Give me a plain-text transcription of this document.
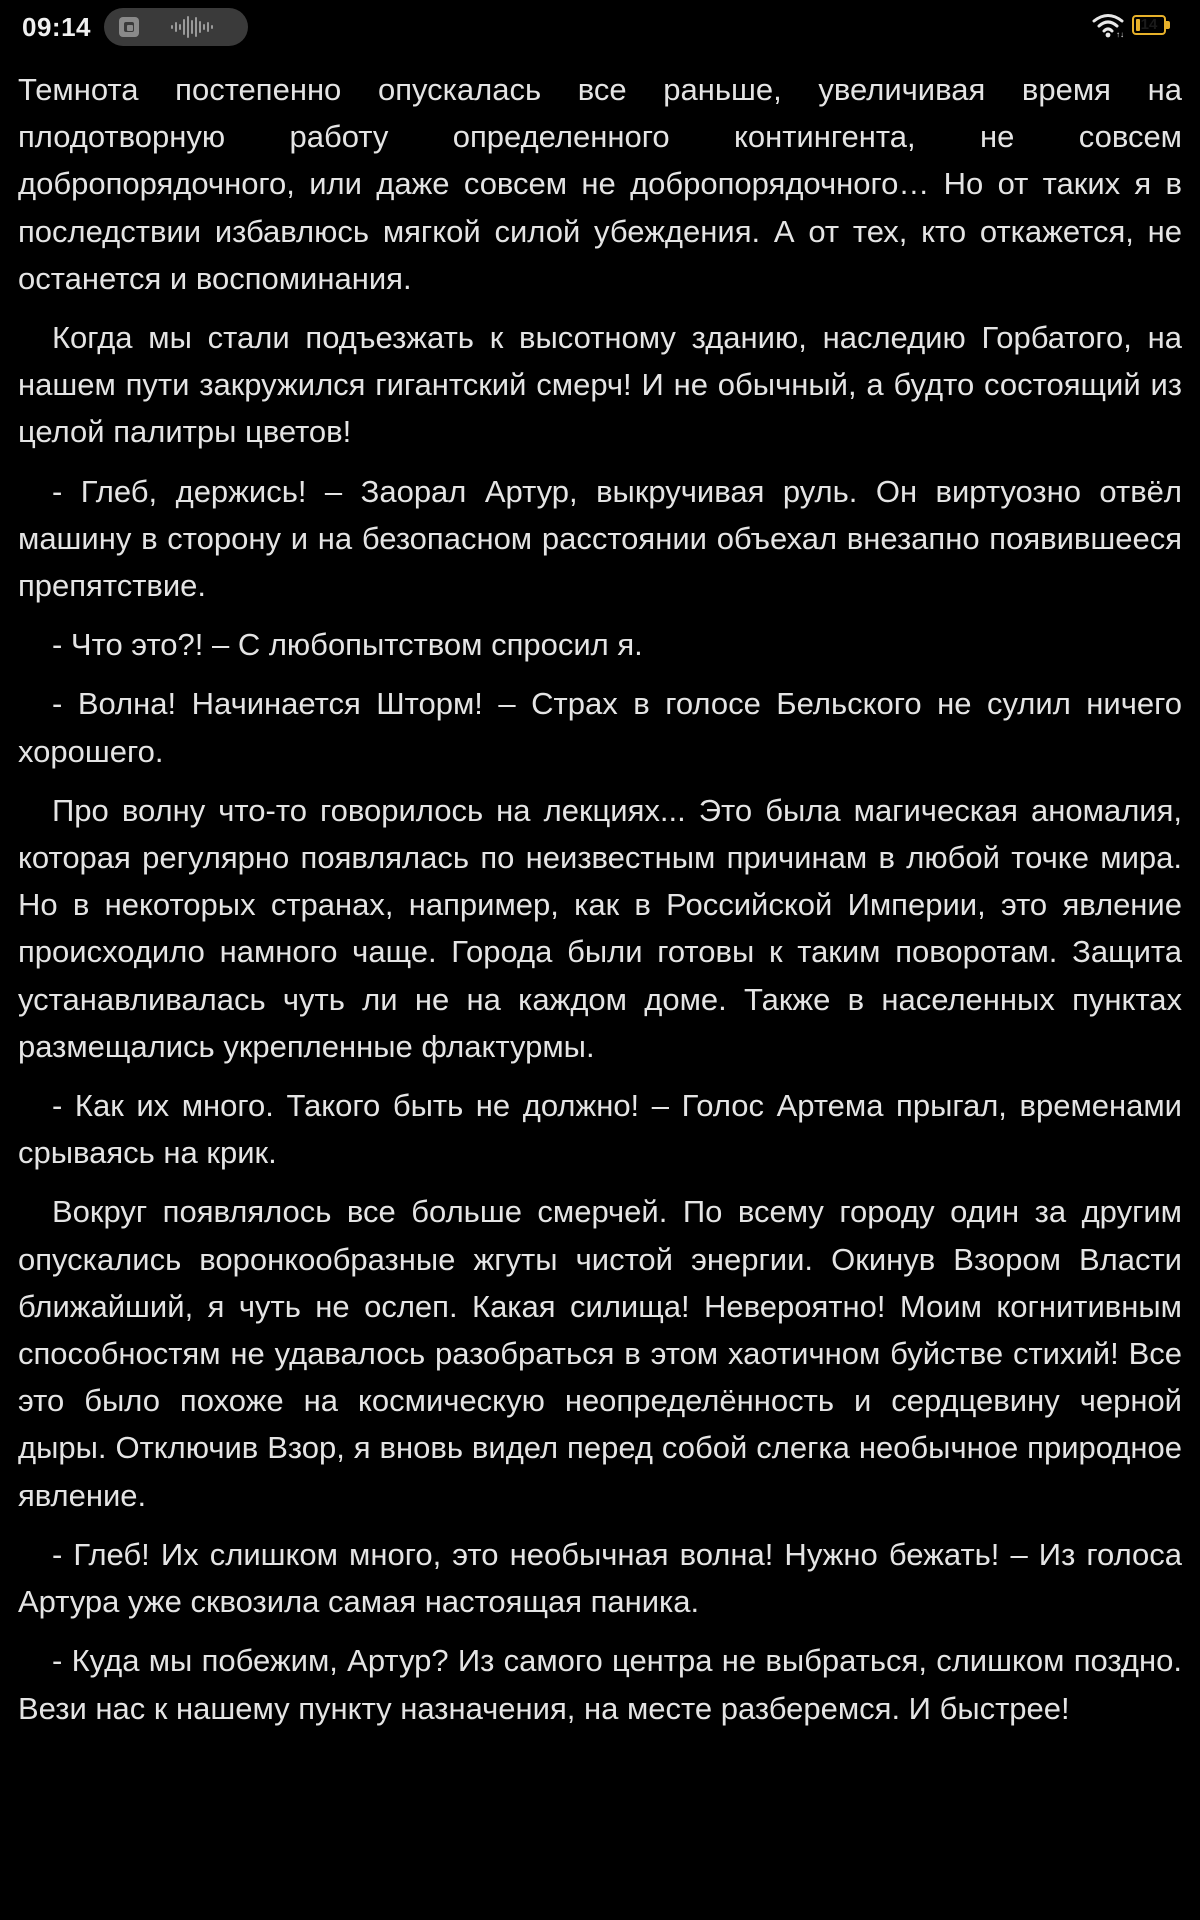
09:14	↑↓
14

Темнота постепенно опускалась все раньше, увеличивая время на плодотворную работу определенного контингента, не совсем добропорядочного, или даже совсем не добропорядочного… Но от таких я в последствии избавлюсь мягкой силой убеждения. А от тех, кто откажется, не останется и воспоминания.

Когда мы стали подъезжать к высотному зданию, наследию Горбатого, на нашем пути закружился гигантский смерч! И не обычный, а будто состоящий из целой палитры цветов!

- Глеб, держись! – Заорал Артур, выкручивая руль. Он виртуозно отвёл машину в сторону и на безопасном расстоянии объехал внезапно появившееся препятствие.

- Что это?! – С любопытством спросил я.

- Волна! Начинается Шторм! – Страх в голосе Бельского не сулил ничего хорошего.

Про волну что-то говорилось на лекциях... Это была магическая аномалия, которая регулярно появлялась по неизвестным причинам в любой точке мира. Но в некоторых странах, например, как в Российской Империи, это явление происходило намного чаще. Города были готовы к таким поворотам. Защита устанавливалась чуть ли не на каждом доме. Также в населенных пунктах размещались укрепленные флактурмы.

- Как их много. Такого быть не должно! – Голос Артема прыгал, временами срываясь на крик.

Вокруг появлялось все больше смерчей. По всему городу один за другим опускались воронкообразные жгуты чистой энергии. Окинув Взором Власти ближайший, я чуть не ослеп. Какая силища! Невероятно! Моим когнитивным способностям не удавалось разобраться в этом хаотичном буйстве стихий! Все это было похоже на космическую неопределённость и сердцевину черной дыры. Отключив Взор, я вновь видел перед собой слегка необычное природное явление.

- Глеб! Их слишком много, это необычная волна! Нужно бежать! – Из голоса Артура уже сквозила самая настоящая паника.

- Куда мы побежим, Артур? Из самого центра не выбраться, слишком поздно. Вези нас к нашему пункту назначения, на месте разберемся. И быстрее!
